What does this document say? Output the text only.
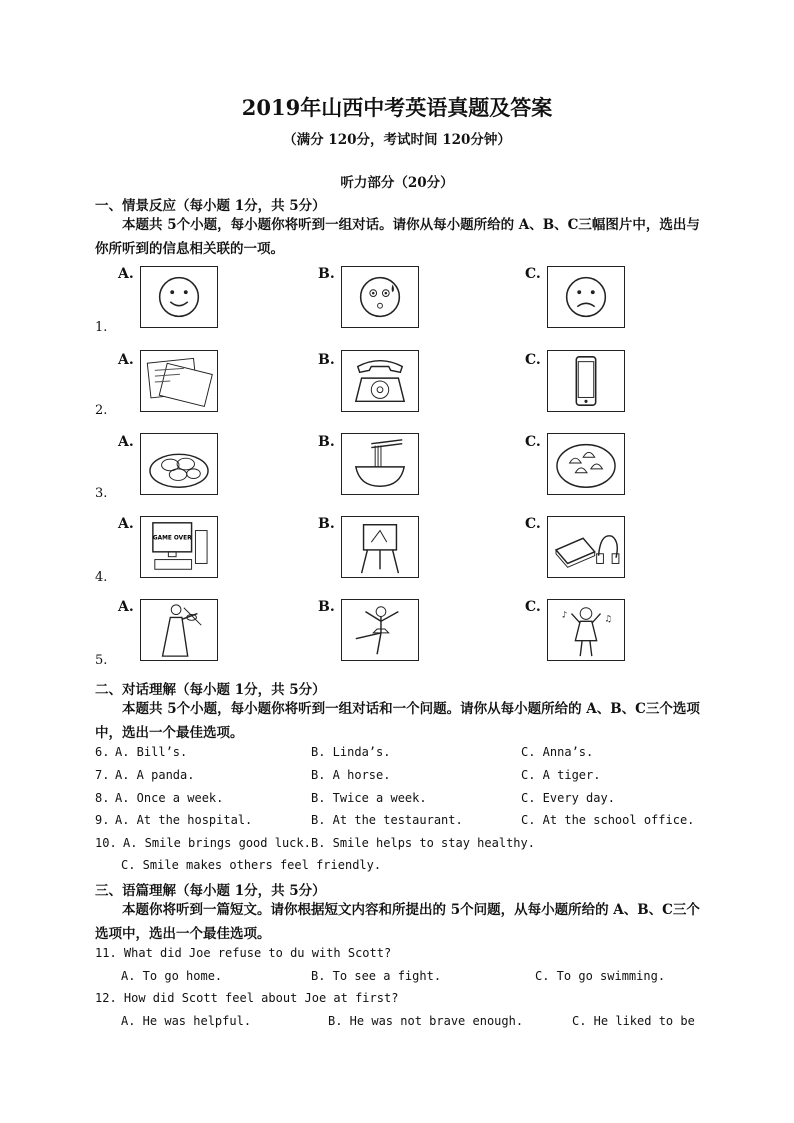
2019年山西中考英语真题及答案
（满分 120分，考试时间 120分钟）
听力部分（20分）
一、情景反应（每小题 1分，共 5分）
本题共 5个小题，每小题你将听到一组对话。请你从每小题所给的 A、B、C三幅图片中，选出与你所听到的信息相关联的一项。
1.
A.	B.	C.
2.
A.	B.	C.
3.
A.	B.	C.
4.
A.	B.	C.
GAME OVER
5.
A.	B.	C.
♪	♫
二、对话理解（每小题 1分，共 5分）
本题共 5个小题，每小题你将听到一组对话和一个问题。请你从每小题所给的 A、B、C三个选项中，选出一个最佳选项。
6. A. Bill’s.	B. Linda’s.	C. Anna’s.
7. A. A panda.	B. A horse.	C. A tiger.
8. A. Once a week.	B. Twice a week.	C. Every day.
9. A. At the hospital.	B. At the testaurant.	C. At the school office.
10. A. Smile brings good luck. B. Smile helps to stay healthy.
C. Smile makes others feel friendly.
三、语篇理解（每小题 1分，共 5分）
本题你将听到一篇短文。请你根据短文内容和所提出的 5个问题，从每小题所给的 A、B、C三个选项中，选出一个最佳选项。
11. What did Joe refuse to du with Scott?
A. To go home.	B. To see a fight.	C. To go swimming.
12. How did Scott feel about Joe at first?
A. He was helpful.	B. He was not brave enough.	C. He liked to be
